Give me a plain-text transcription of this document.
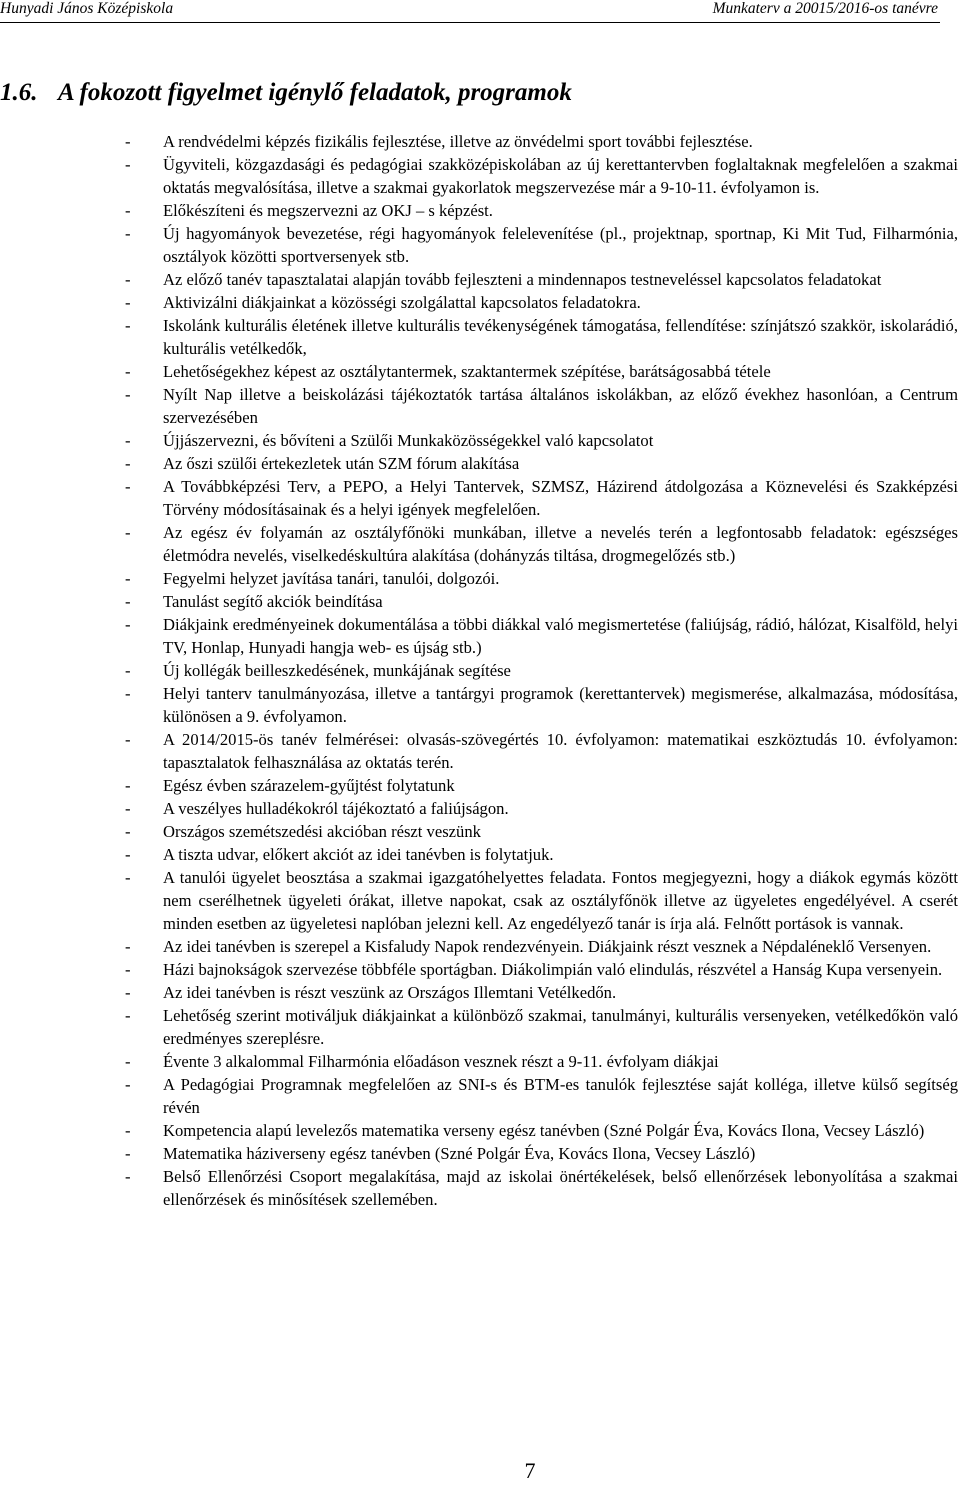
Hunyadi János Középiskola	Munkaterv a 20015/2016-os tanévre
1.6. A fokozott figyelmet igénylő feladatok, programok
- A rendvédelmi képzés fizikális fejlesztése, illetve az önvédelmi sport további fejlesztése.
- Ügyviteli, közgazdasági és pedagógiai szakközépiskolában az új kerettantervben foglaltaknak megfelelően a szakmai oktatás megvalósítása, illetve a szakmai gyakorlatok megszervezése már a 9-10-11. évfolyamon is.
- Előkészíteni és megszervezni az OKJ – s képzést.
- Új hagyományok bevezetése, régi hagyományok felelevenítése (pl., projektnap, sportnap, Ki Mit Tud, Filharmónia, osztályok közötti sportversenyek stb.
- Az előző tanév tapasztalatai alapján tovább fejleszteni a mindennapos testneveléssel kapcsolatos feladatokat
- Aktivizálni diákjainkat a közösségi szolgálattal kapcsolatos feladatokra.
- Iskolánk kulturális életének illetve kulturális tevékenységének támogatása, fellendítése: színjátszó szakkör, iskolarádió, kulturális vetélkedők,
- Lehetőségekhez képest az osztálytantermek, szaktantermek szépítése, barátságosabbá tétele
- Nyílt Nap illetve a beiskolázási tájékoztatók tartása általános iskolákban, az előző évekhez hasonlóan, a Centrum szervezésében
- Újjászervezni, és bővíteni a Szülői Munkaközösségekkel való kapcsolatot
- Az őszi szülői értekezletek után SZM fórum alakítása
- A Továbbképzési Terv, a PEPO, a Helyi Tantervek, SZMSZ, Házirend átdolgozása a Köznevelési és Szakképzési Törvény módosításainak és a helyi igények megfelelően.
- Az egész év folyamán az osztályfőnöki munkában, illetve a nevelés terén a legfontosabb feladatok: egészséges életmódra nevelés, viselkedéskultúra alakítása (dohányzás tiltása, drogmegelőzés stb.)
- Fegyelmi helyzet javítása tanári, tanulói, dolgozói.
- Tanulást segítő akciók beindítása
- Diákjaink eredményeinek dokumentálása a többi diákkal való megismertetése (faliújság, rádió, hálózat, Kisalföld, helyi TV, Honlap, Hunyadi hangja web- es újság stb.)
- Új kollégák beilleszkedésének, munkájának segítése
- Helyi tanterv tanulmányozása, illetve a tantárgyi programok (kerettantervek) megismerése, alkalmazása, módosítása, különösen a 9. évfolyamon.
- A 2014/2015-ös tanév felmérései: olvasás-szövegértés 10. évfolyamon: matematikai eszköztudás 10. évfolyamon: tapasztalatok felhasználása az oktatás terén.
- Egész évben szárazelem-gyűjtést folytatunk
- A veszélyes hulladékokról tájékoztató a faliújságon.
- Országos szemétszedési akcióban részt veszünk
- A tiszta udvar, előkert akciót az idei tanévben is folytatjuk.
- A tanulói ügyelet beosztása a szakmai igazgatóhelyettes feladata. Fontos megjegyezni, hogy a diákok egymás között nem cserélhetnek ügyeleti órákat, illetve napokat, csak az osztályfőnök illetve az ügyeletes engedélyével. A cserét minden esetben az ügyeletesi naplóban jelezni kell. Az engedélyező tanár is írja alá. Felnőtt portások is vannak.
- Az idei tanévben is szerepel a Kisfaludy Napok rendezvényein. Diákjaink részt vesznek a Népdaléneklő Versenyen.
- Házi bajnokságok szervezése többféle sportágban. Diákolimpián való elindulás, részvétel a Hanság Kupa versenyein.
- Az idei tanévben is részt veszünk az Országos Illemtani Vetélkedőn.
- Lehetőség szerint motiváljuk diákjainkat a különböző szakmai, tanulmányi, kulturális versenyeken, vetélkedőkön való eredményes szereplésre.
- Évente 3 alkalommal Filharmónia előadáson vesznek részt a 9-11. évfolyam diákjai
- A Pedagógiai Programnak megfelelően az SNI-s és BTM-es tanulók fejlesztése saját kollégа, illetve külső segítség révén
- Kompetencia alapú levelezős matematika verseny egész tanévben (Szné Polgár Éva, Kovács Ilona, Vecsey László)
- Matematika háziverseny egész tanévben (Szné Polgár Éva, Kovács Ilona, Vecsey László)
- Belső Ellenőrzési Csoport megalakítása, majd az iskolai önértékelések, belső ellenőrzések lebonyolítása a szakmai ellenőrzések és minősítések szellemében.
7
